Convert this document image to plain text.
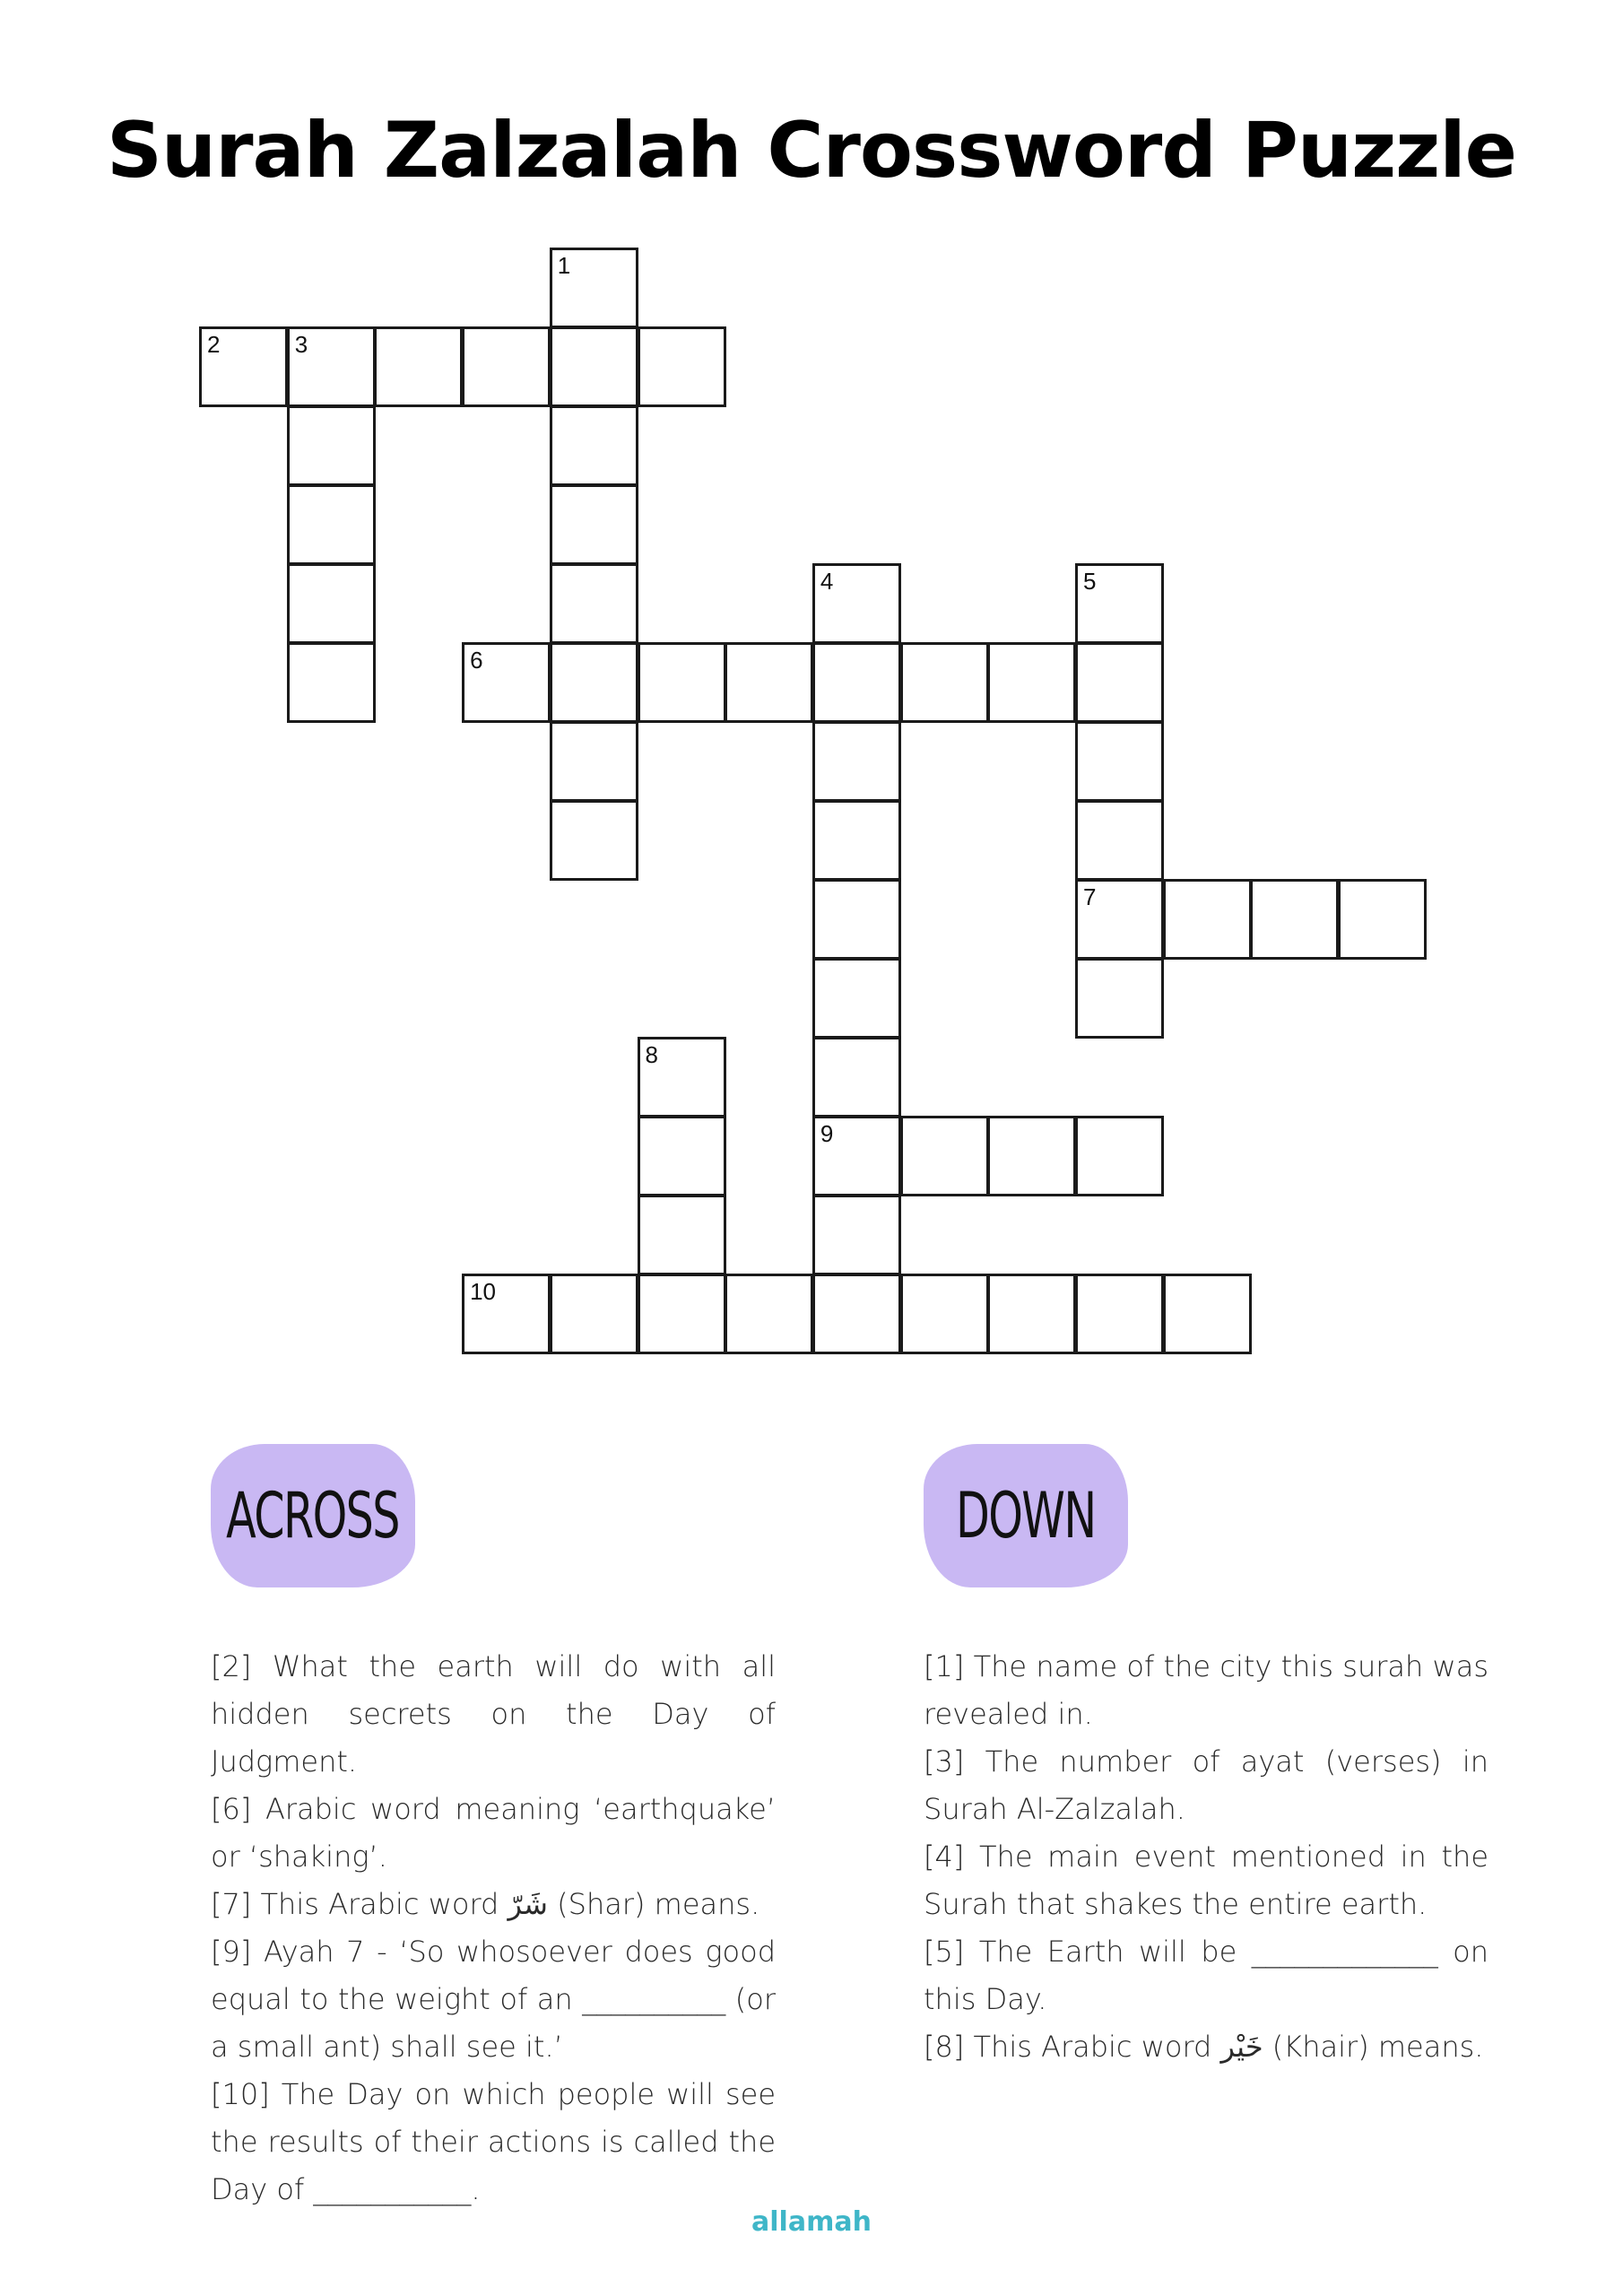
Surah Zalzalah Crossword Puzzle
1
2	3
4
9
5
7
6
8
10
ACROSS	DOWN
[2] What the earth will do with all hidden secrets on the Day of Judgment.
[6] Arabic word meaning ‘earthquake’ or ‘shaking’.
[7] This Arabic word شَرّ (Shar) means.
[9] Ayah 7 - ‘So whosoever does good equal to the weight of an __________ (or a small ant) shall see it.’
[10] The Day on which people will see the results of their actions is called the Day of ___________.
[1] The name of the city this surah was revealed in.
[3] The number of ayat (verses) in Surah Al-Zalzalah.
[4] The main event mentioned in the Surah that shakes the entire earth.
[5] The Earth will be _____________ on this Day.
[8] This Arabic word خَيْر (Khair) means.
allamah
